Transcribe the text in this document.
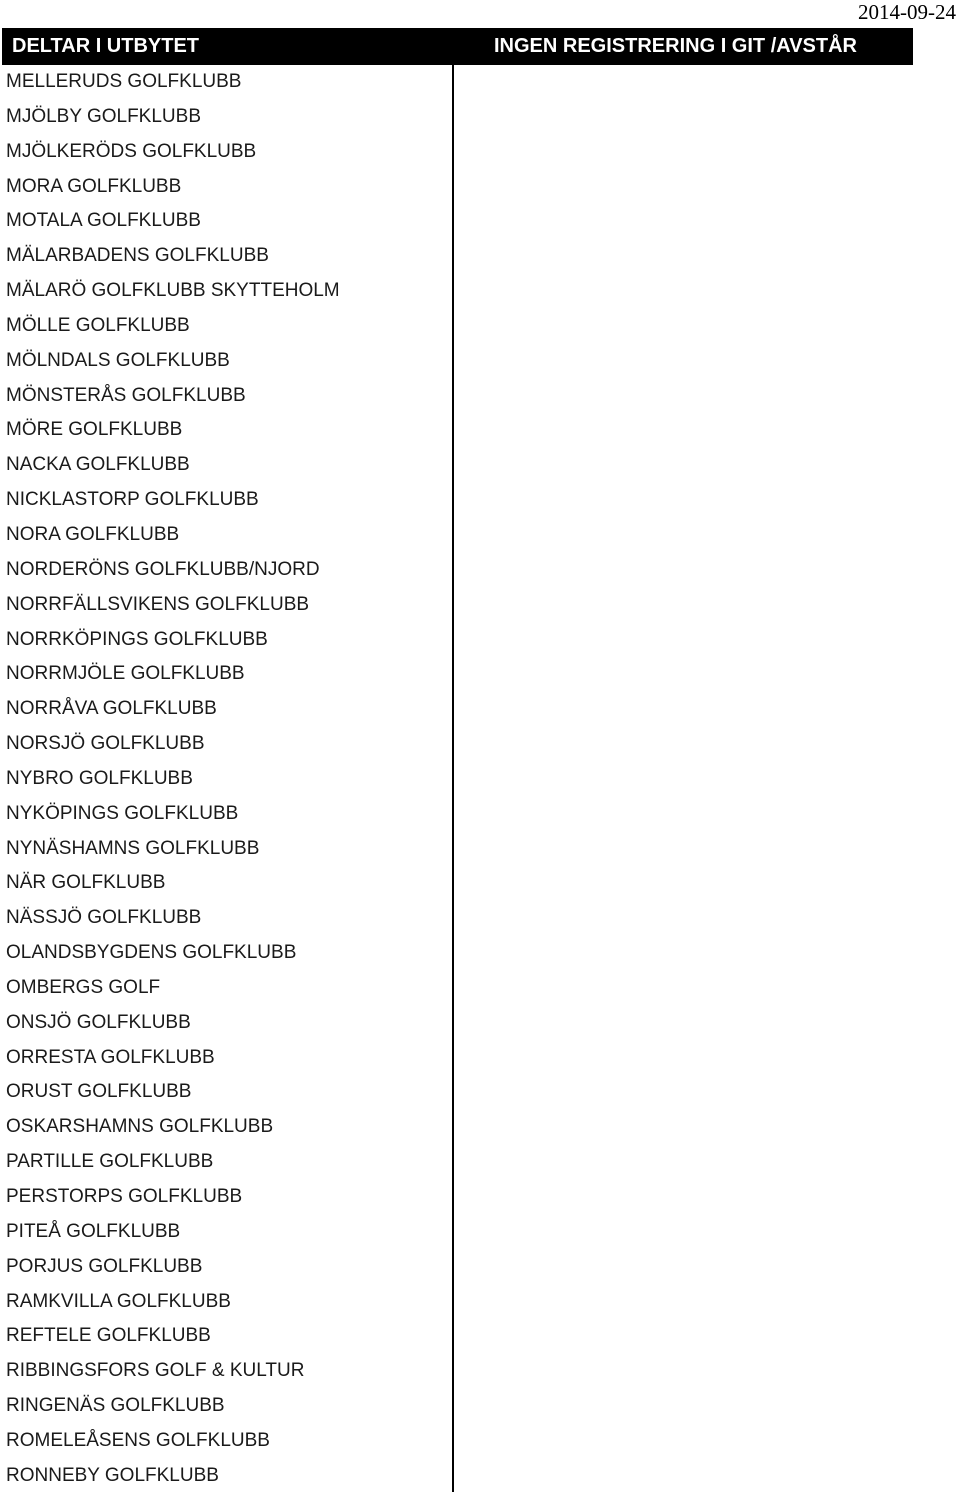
2014-09-24
DELTAR I UTBYTET	INGEN REGISTRERING I GIT /AVSTÅR
MELLERUDS GOLFKLUBB
MJÖLBY GOLFKLUBB
MJÖLKERÖDS GOLFKLUBB
MORA GOLFKLUBB
MOTALA GOLFKLUBB
MÄLARBADENS GOLFKLUBB
MÄLARÖ GOLFKLUBB SKYTTEHOLM
MÖLLE GOLFKLUBB
MÖLNDALS GOLFKLUBB
MÖNSTERÅS GOLFKLUBB
MÖRE GOLFKLUBB
NACKA GOLFKLUBB
NICKLASTORP GOLFKLUBB
NORA GOLFKLUBB
NORDERÖNS GOLFKLUBB/NJORD
NORRFÄLLSVIKENS GOLFKLUBB
NORRKÖPINGS GOLFKLUBB
NORRMJÖLE GOLFKLUBB
NORRÅVA GOLFKLUBB
NORSJÖ GOLFKLUBB
NYBRO GOLFKLUBB
NYKÖPINGS GOLFKLUBB
NYNÄSHAMNS GOLFKLUBB
NÄR GOLFKLUBB
NÄSSJÖ GOLFKLUBB
OLANDSBYGDENS GOLFKLUBB
OMBERGS GOLF
ONSJÖ GOLFKLUBB
ORRESTA GOLFKLUBB
ORUST GOLFKLUBB
OSKARSHAMNS GOLFKLUBB
PARTILLE GOLFKLUBB
PERSTORPS GOLFKLUBB
PITEÅ GOLFKLUBB
PORJUS GOLFKLUBB
RAMKVILLA GOLFKLUBB
REFTELE GOLFKLUBB
RIBBINGSFORS GOLF & KULTUR
RINGENÄS GOLFKLUBB
ROMELEÅSENS GOLFKLUBB
RONNEBY GOLFKLUBB
